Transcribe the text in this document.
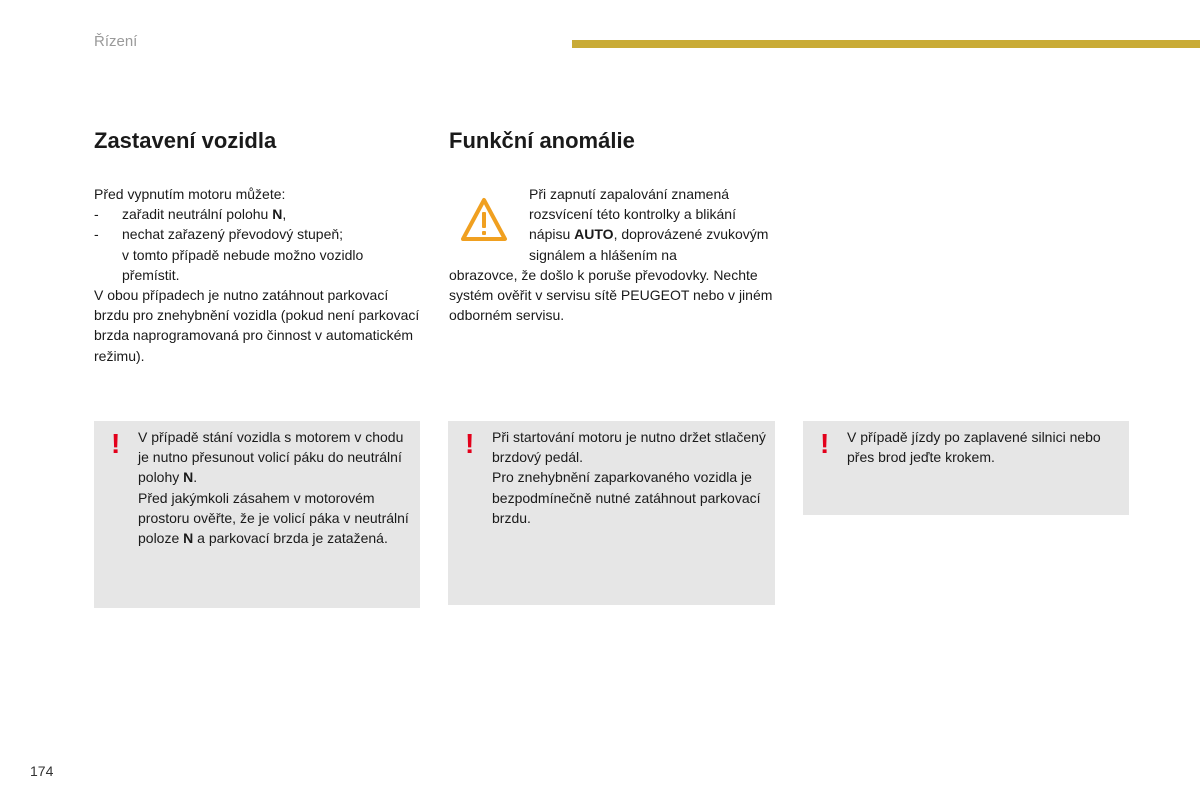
Řízení

Zastavení vozidla	Funkční anomálie

Před vypnutím motoru můžete:

- zařadit neutrální polohu N,
- nechat zařazený převodový stupeň;
v tomto případě nebude možno vozidlo přemístit.

V obou případech je nutno zatáhnout parkovací brzdu pro znehybnění vozidla (pokud není parkovací brzda naprogramovaná pro činnost v automatickém režimu).

Při zapnutí zapalování znamená rozsvícení této kontrolky a blikání nápisu AUTO, doprovázené zvukovým signálem a hlášením na

obrazovce, že došlo k poruše převodovky. Nechte systém ověřit v servisu sítě PEUGEOT nebo v jiném odborném servisu.

! V případě stání vozidla s motorem v chodu je nutno přesunout volicí páku do neutrální polohy N.

Před jakýmkoli zásahem v motorovém prostoru ověřte, že je volicí páka v neutrální poloze N a parkovací brzda je zatažená.

! Při startování motoru je nutno držet stlačený brzdový pedál.

Pro znehybnění zaparkovaného vozidla je bezpodmínečně nutné zatáhnout parkovací brzdu.

! V případě jízdy po zaplavené silnici nebo přes brod jeďte krokem.

174
